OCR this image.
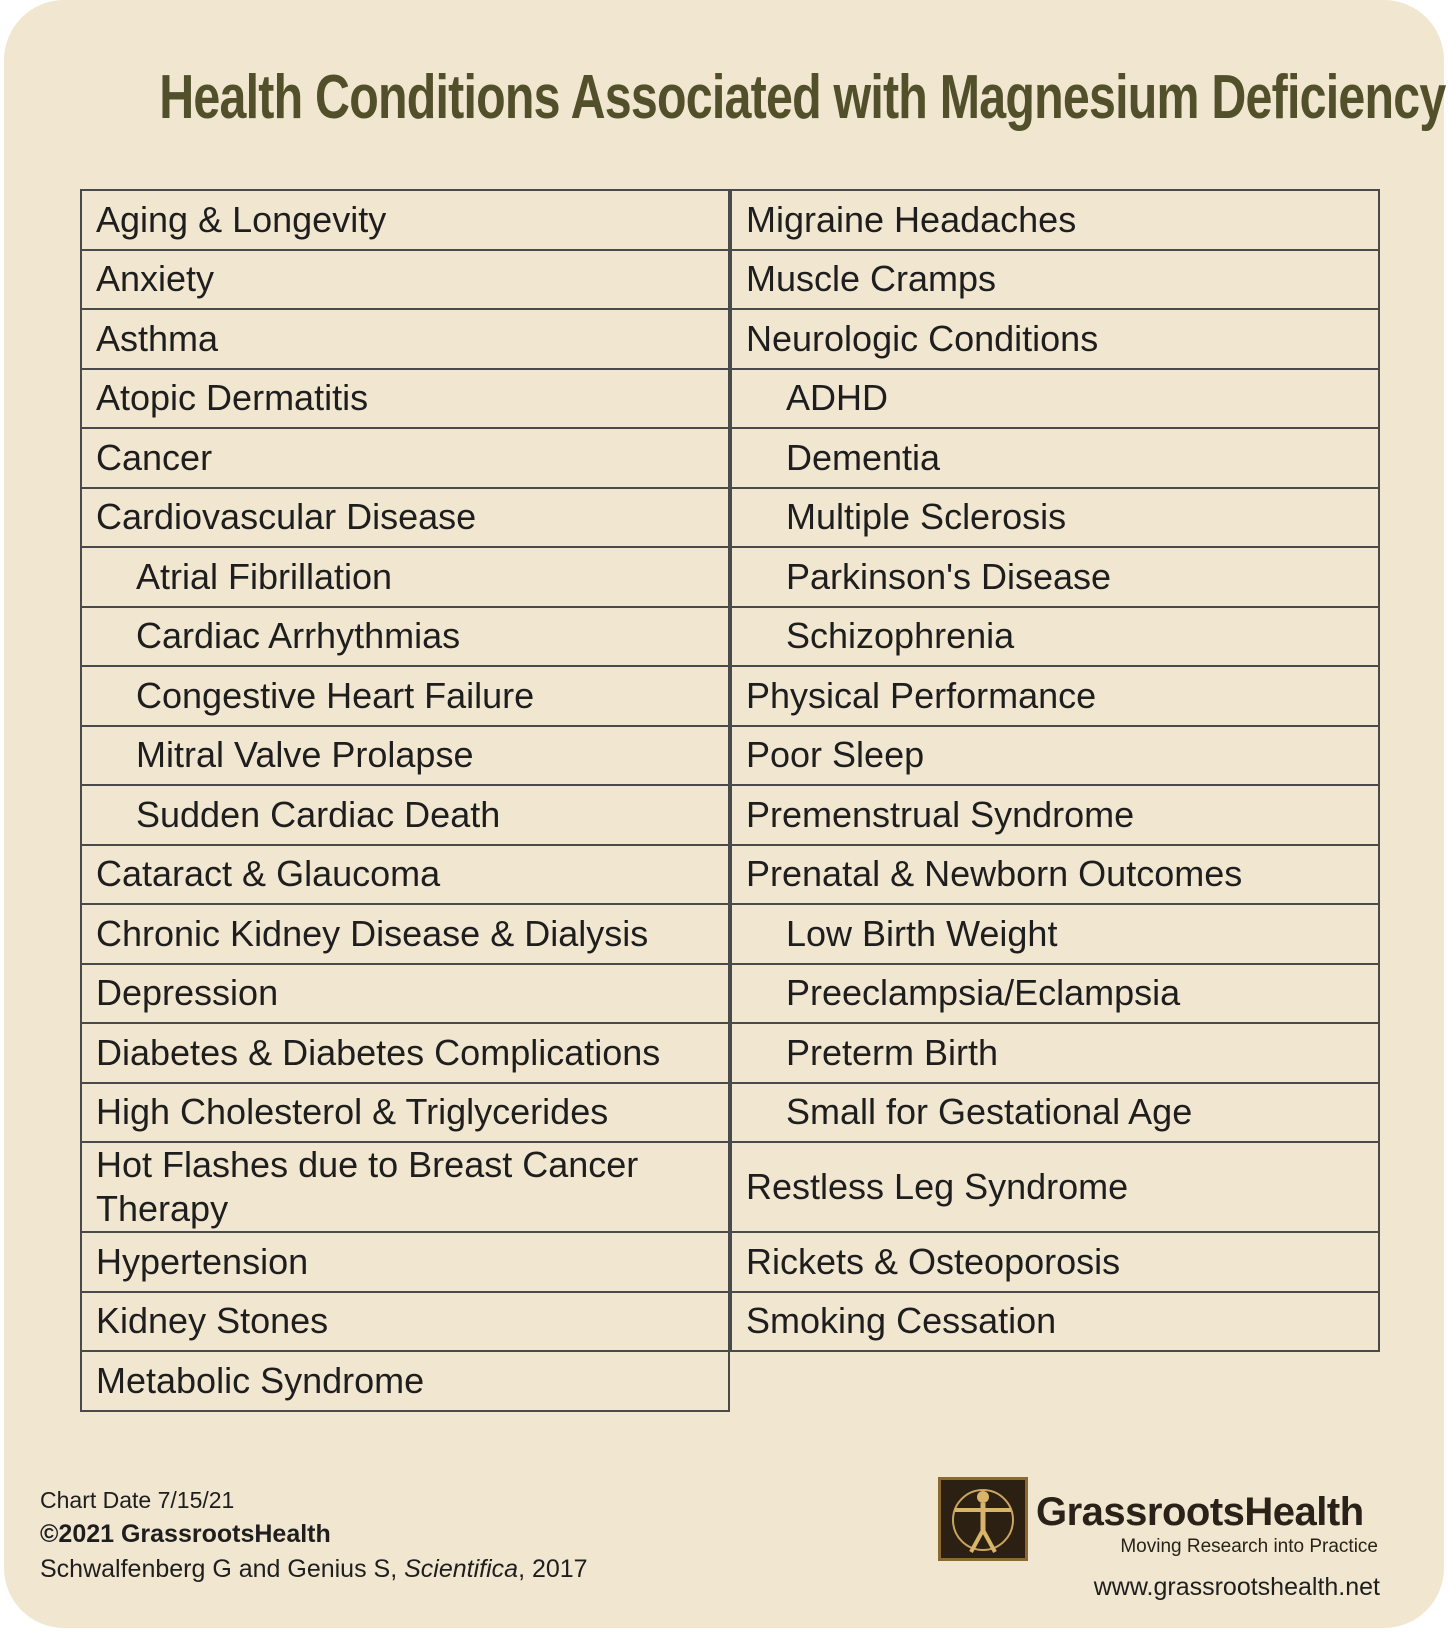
Health Conditions Associated with Magnesium Deficiency
Aging & Longevity
Anxiety
Asthma
Atopic Dermatitis
Cancer
Cardiovascular Disease
Atrial Fibrillation
Cardiac Arrhythmias
Congestive Heart Failure
Mitral Valve Prolapse
Sudden Cardiac Death
Cataract & Glaucoma
Chronic Kidney Disease & Dialysis
Depression
Diabetes & Diabetes Complications
High Cholesterol & Triglycerides
Hot Flashes due to Breast Cancer Therapy
Hypertension
Kidney Stones
Metabolic Syndrome
Migraine Headaches
Muscle Cramps
Neurologic Conditions
ADHD
Dementia
Multiple Sclerosis
Parkinson's Disease
Schizophrenia
Physical Performance
Poor Sleep
Premenstrual Syndrome
Prenatal & Newborn Outcomes
Low Birth Weight
Preeclampsia/Eclampsia
Preterm Birth
Small for Gestational Age
Restless Leg Syndrome
Rickets & Osteoporosis
Smoking Cessation
Chart Date 7/15/21
©2021 GrassrootsHealth
Schwalfenberg G and Genius S, Scientifica, 2017
GrassrootsHealth
Moving Research into Practice
www.grassrootshealth.net
